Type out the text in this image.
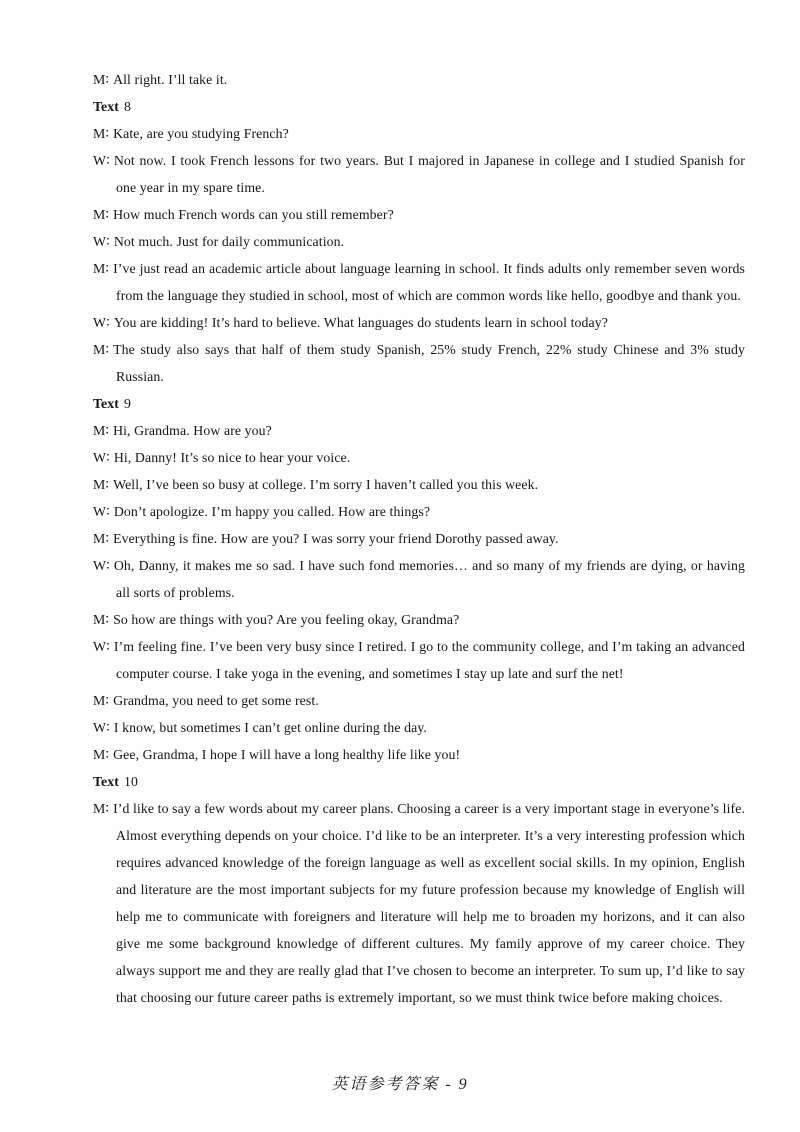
M∶ All right. I’ll take it.
Text 8
M∶ Kate, are you studying French?
W∶ Not now. I took French lessons for two years. But I majored in Japanese in college and I studied Spanish for one year in my spare time.
M∶ How much French words can you still remember?
W∶ Not much. Just for daily communication.
M∶ I’ve just read an academic article about language learning in school. It finds adults only remember seven words from the language they studied in school, most of which are common words like hello, goodbye and thank you.
W∶ You are kidding! It’s hard to believe. What languages do students learn in school today?
M∶ The study also says that half of them study Spanish, 25% study French, 22% study Chinese and 3% study Russian.
Text 9
M∶ Hi, Grandma. How are you?
W∶ Hi, Danny! It’s so nice to hear your voice.
M∶ Well, I’ve been so busy at college. I’m sorry I haven’t called you this week.
W∶ Don’t apologize. I’m happy you called. How are things?
M∶ Everything is fine. How are you? I was sorry your friend Dorothy passed away.
W∶ Oh, Danny, it makes me so sad. I have such fond memories… and so many of my friends are dying, or having all sorts of problems.
M∶ So how are things with you? Are you feeling okay, Grandma?
W∶ I’m feeling fine. I’ve been very busy since I retired. I go to the community college, and I’m taking an advanced computer course. I take yoga in the evening, and sometimes I stay up late and surf the net!
M∶ Grandma, you need to get some rest.
W∶ I know, but sometimes I can’t get online during the day.
M∶ Gee, Grandma, I hope I will have a long healthy life like you!
Text 10
M∶ I’d like to say a few words about my career plans. Choosing a career is a very important stage in everyone’s life. Almost everything depends on your choice. I’d like to be an interpreter. It’s a very interesting profession which requires advanced knowledge of the foreign language as well as excellent social skills. In my opinion, English and literature are the most important subjects for my future profession because my knowledge of English will help me to communicate with foreigners and literature will help me to broaden my horizons, and it can also give me some background knowledge of different cultures. My family approve of my career choice. They always support me and they are really glad that I’ve chosen to become an interpreter. To sum up, I’d like to say that choosing our future career paths is extremely important, so we must think twice before making choices.
英语参考答案 - 9
